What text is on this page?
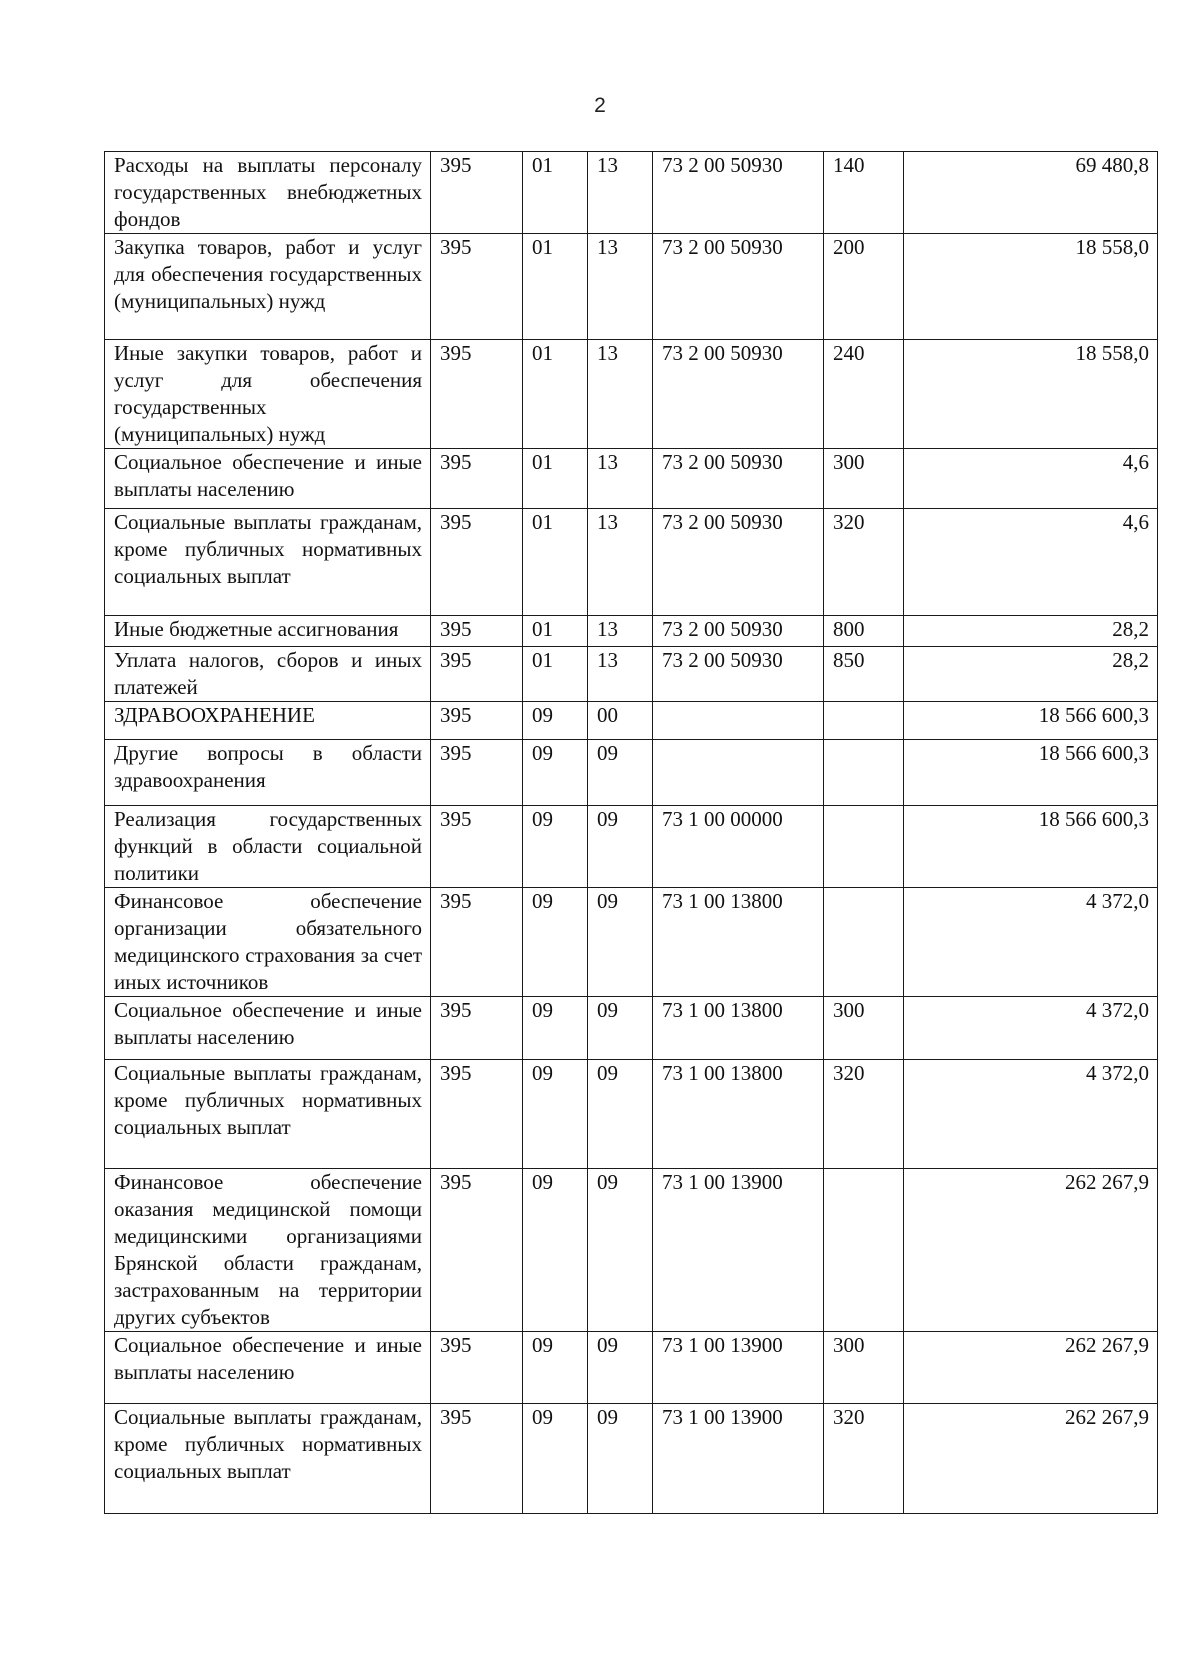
2
Расходы на выплаты персоналу государственных внебюджетных фондов	395	01	13	73 2 00 50930	140	69 480,8
Закупка товаров, работ и услуг для обеспечения государственных (муниципальных) нужд	395	01	13	73 2 00 50930	200	18 558,0
Иные закупки товаров, работ и услуг для обеспечения государственных (муниципальных) нужд	395	01	13	73 2 00 50930	240	18 558,0
Социальное обеспечение и иные выплаты населению	395	01	13	73 2 00 50930	300	4,6
Социальные выплаты гражданам, кроме публичных нормативных социальных выплат	395	01	13	73 2 00 50930	320	4,6
Иные бюджетные ассигнования	395	01	13	73 2 00 50930	800	28,2
Уплата налогов, сборов и иных платежей	395	01	13	73 2 00 50930	850	28,2
ЗДРАВООХРАНЕНИЕ	395	09	00			18 566 600,3
Другие вопросы в области здравоохранения	395	09	09			18 566 600,3
Реализация государственных функций в области социальной политики	395	09	09	73 1 00 00000		18 566 600,3
Финансовое обеспечение организации обязательного медицинского страхования за счет иных источников	395	09	09	73 1 00 13800		4 372,0
Социальное обеспечение и иные выплаты населению	395	09	09	73 1 00 13800	300	4 372,0
Социальные выплаты гражданам, кроме публичных нормативных социальных выплат	395	09	09	73 1 00 13800	320	4 372,0
Финансовое обеспечение оказания медицинской помощи медицинскими организациями Брянской области гражданам, застрахованным на территории других субъектов	395	09	09	73 1 00 13900		262 267,9
Социальное обеспечение и иные выплаты населению	395	09	09	73 1 00 13900	300	262 267,9
Социальные выплаты гражданам, кроме публичных нормативных социальных выплат	395	09	09	73 1 00 13900	320	262 267,9
